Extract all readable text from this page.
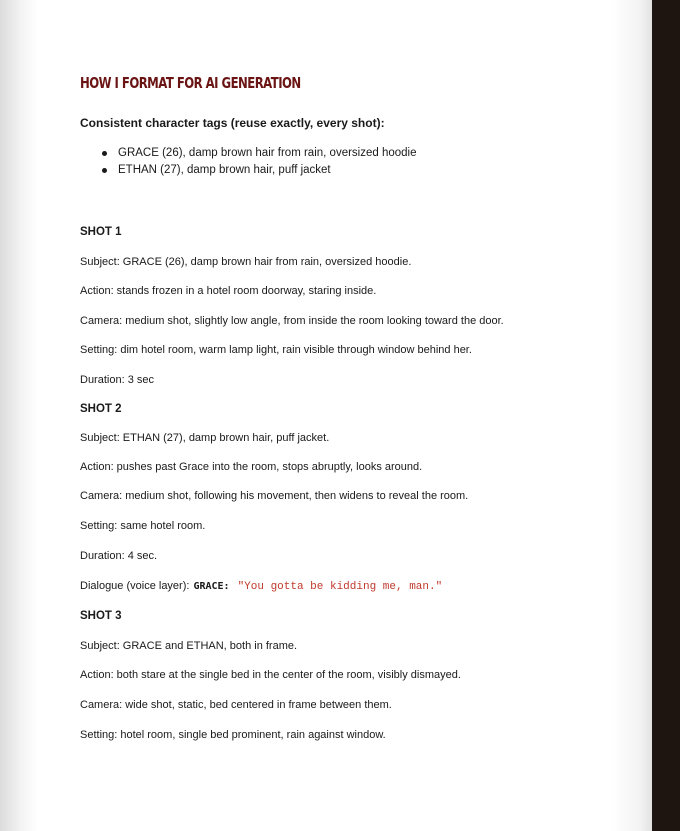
HOW I FORMAT FOR AI GENERATION
Consistent character tags (reuse exactly, every shot):
GRACE (26), damp brown hair from rain, oversized hoodie
ETHAN (27), damp brown hair, puff jacket
SHOT 1
Subject: GRACE (26), damp brown hair from rain, oversized hoodie.
Action: stands frozen in a hotel room doorway, staring inside.
Camera: medium shot, slightly low angle, from inside the room looking toward the door.
Setting: dim hotel room, warm lamp light, rain visible through window behind her.
Duration: 3 sec
SHOT 2
Subject: ETHAN (27), damp brown hair, puff jacket.
Action: pushes past Grace into the room, stops abruptly, looks around.
Camera: medium shot, following his movement, then widens to reveal the room.
Setting: same hotel room.
Duration: 4 sec.
Dialogue (voice layer): GRACE: "You gotta be kidding me, man."
SHOT 3
Subject: GRACE and ETHAN, both in frame.
Action: both stare at the single bed in the center of the room, visibly dismayed.
Camera: wide shot, static, bed centered in frame between them.
Setting: hotel room, single bed prominent, rain against window.
